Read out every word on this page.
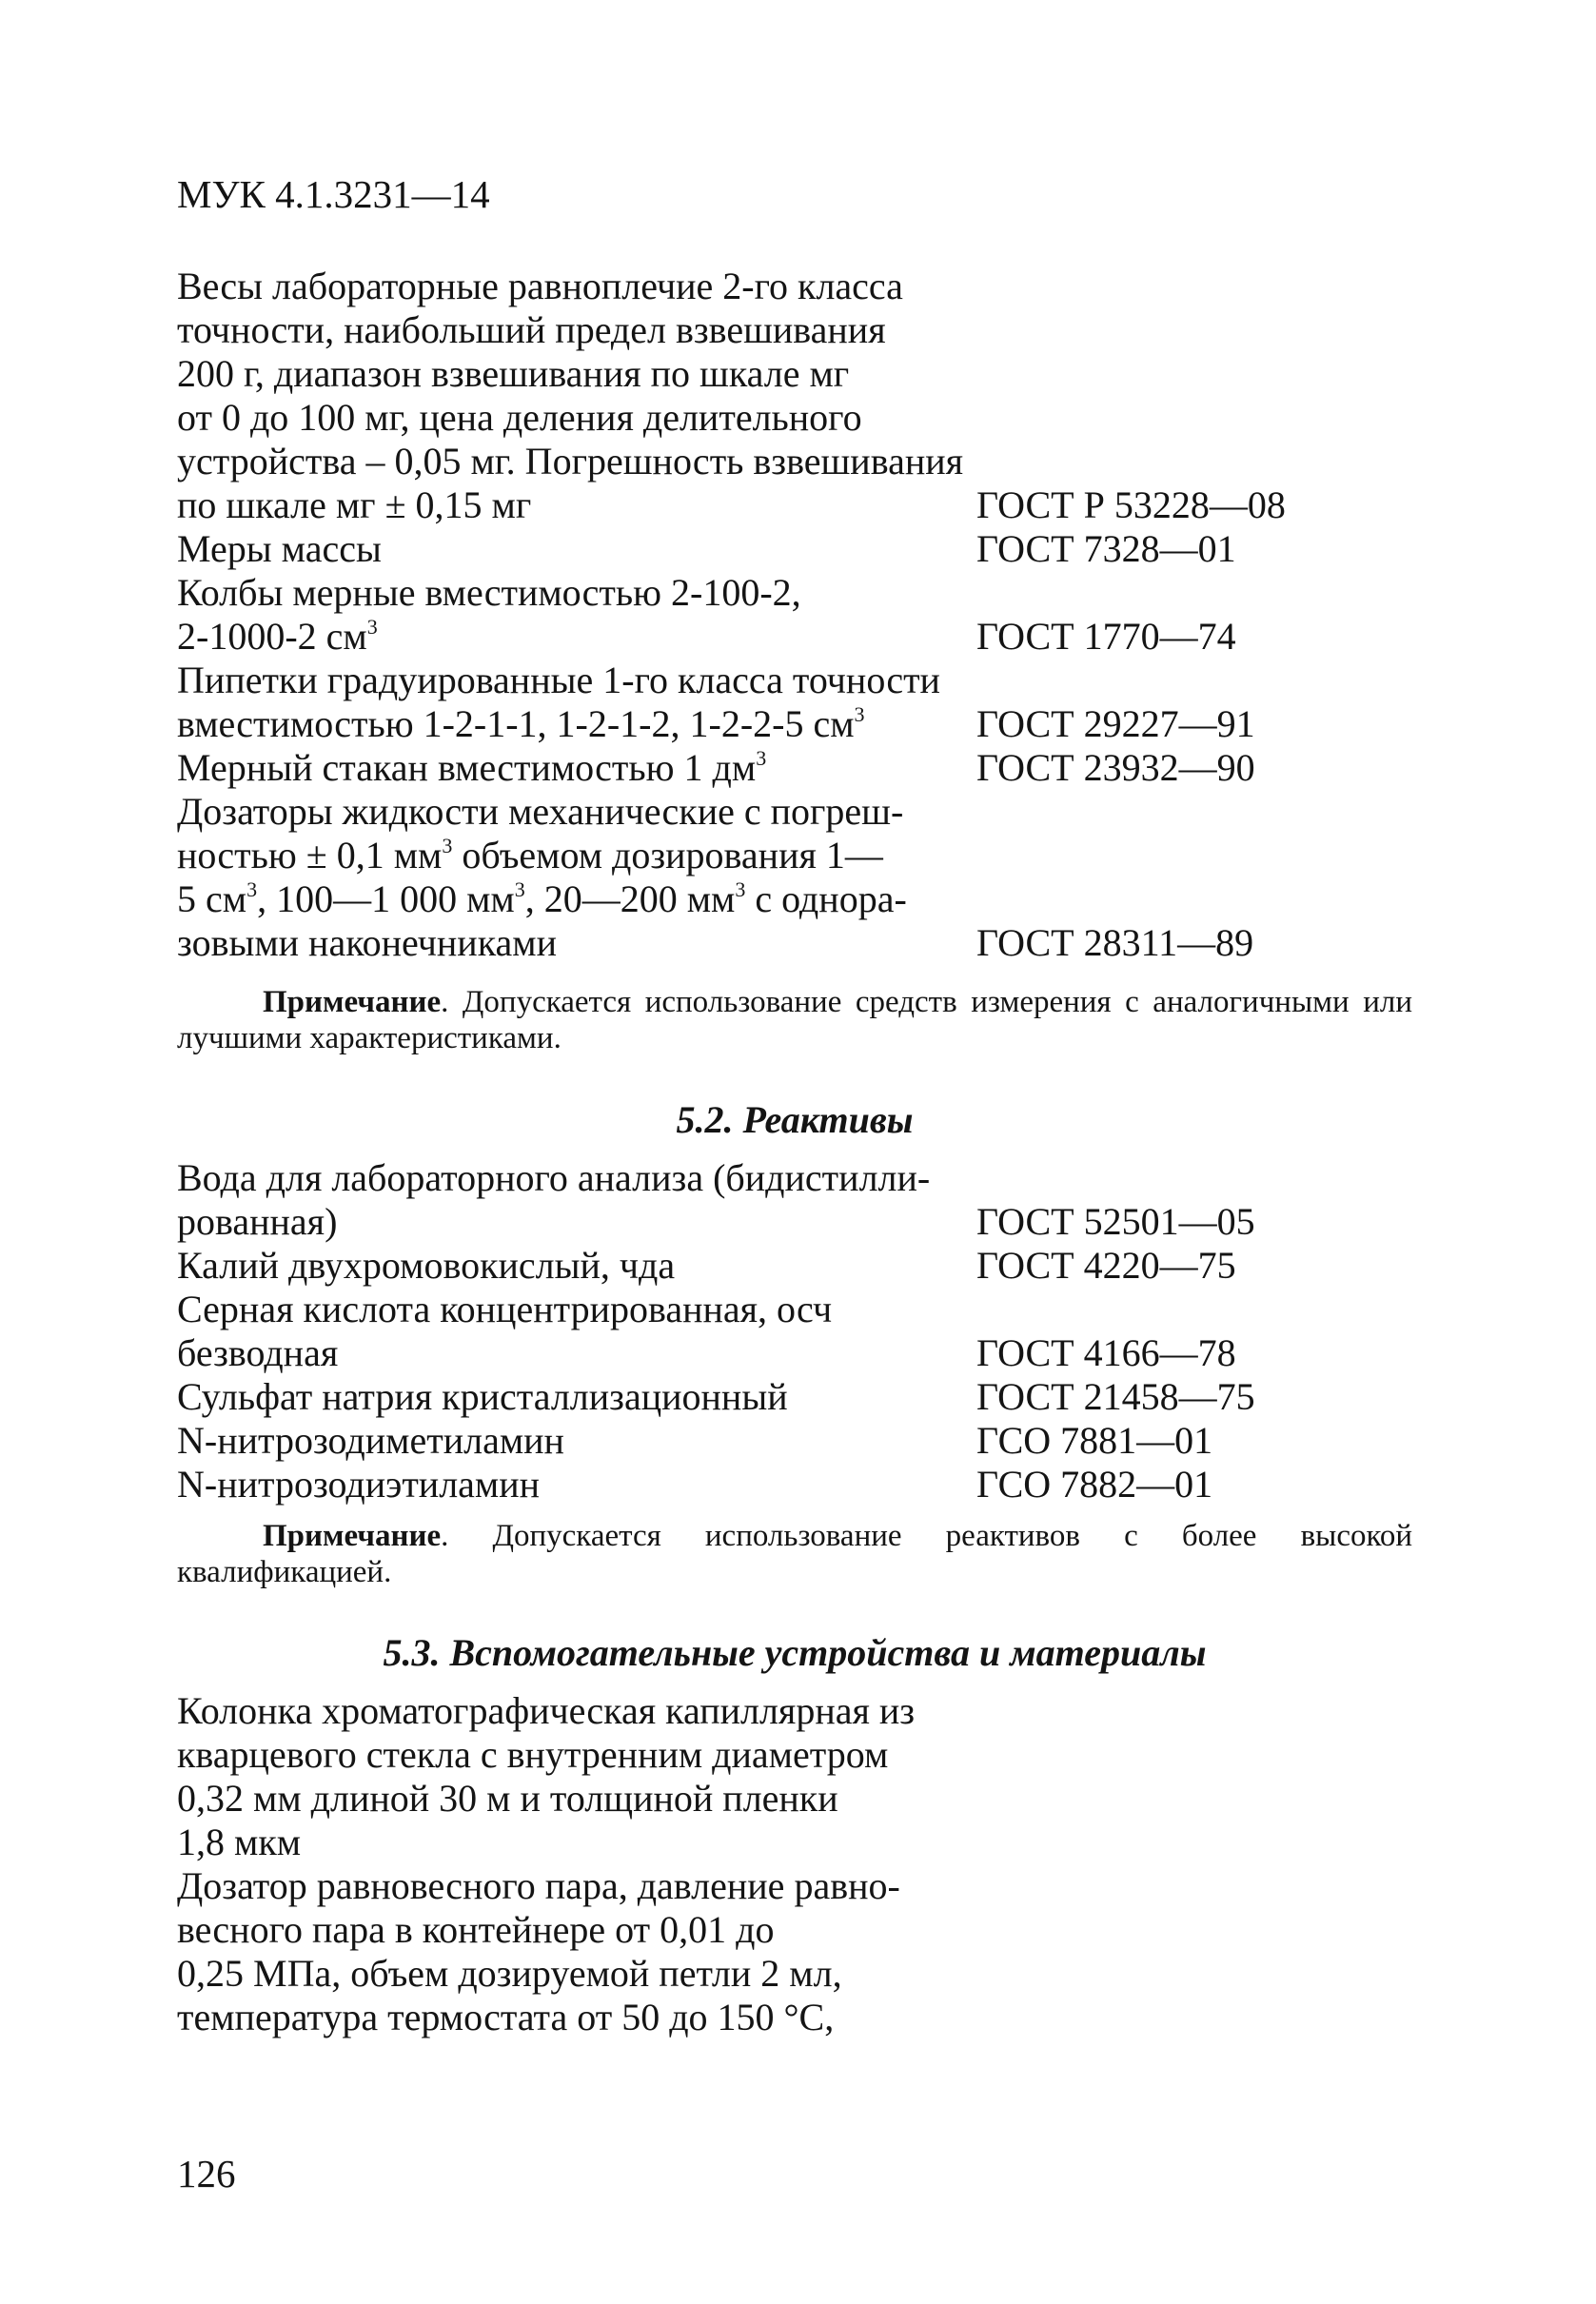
МУК 4.1.3231—14
Весы лабораторные равноплечие 2-го класса
точности, наибольший предел взвешивания
200 г, диапазон взвешивания по шкале мг
от 0 до 100 мг, цена деления делительного
устройства – 0,05 мг. Погрешность взвешивания
по шкале мг ± 0,15 мг	ГОСТ Р 53228—08
Меры массы	ГОСТ 7328—01
Колбы мерные вместимостью 2-100-2,
2-1000-2 $см^3$	ГОСТ 1770—74
Пипетки градуированные 1-го класса точности
вместимостью 1-2-1-1, 1-2-1-2, 1-2-2-5 $см^3$	ГОСТ 29227—91
Мерный стакан вместимостью 1 $дм^3$	ГОСТ 23932—90
Дозаторы жидкости механические с погреш-
ностью ± 0,1 $мм^3$ объемом дозирования 1—
5 $см^3$, 100—1 000 $мм^3$, 20—200 $мм^3$ с однора-
зовыми наконечниками	ГОСТ 28311—89
Примечание. Допускается использование средств измерения с аналогичными или лучшими характеристиками.
5.2. Реактивы
Вода для лабораторного анализа (бидистилли-
рованная)	ГОСТ 52501—05
Калий двухромовокислый, чда	ГОСТ 4220—75
Серная кислота концентрированная, осч
безводная	ГОСТ 4166—78
Сульфат натрия кристаллизационный	ГОСТ 21458—75
N-нитрозодиметиламин	ГСО 7881—01
N-нитрозодиэтиламин	ГСО 7882—01
Примечание. Допускается использование реактивов с более высокой квалификацией.
5.3. Вспомогательные устройства и материалы
Колонка хроматографическая капиллярная из
кварцевого стекла с внутренним диаметром
0,32 мм длиной 30 м и толщиной пленки
1,8 мкм
Дозатор равновесного пара, давление равно-
весного пара в контейнере от 0,01 до
0,25 МПа, объем дозируемой петли 2 мл,
температура термостата от 50 до 150 °С,
126
